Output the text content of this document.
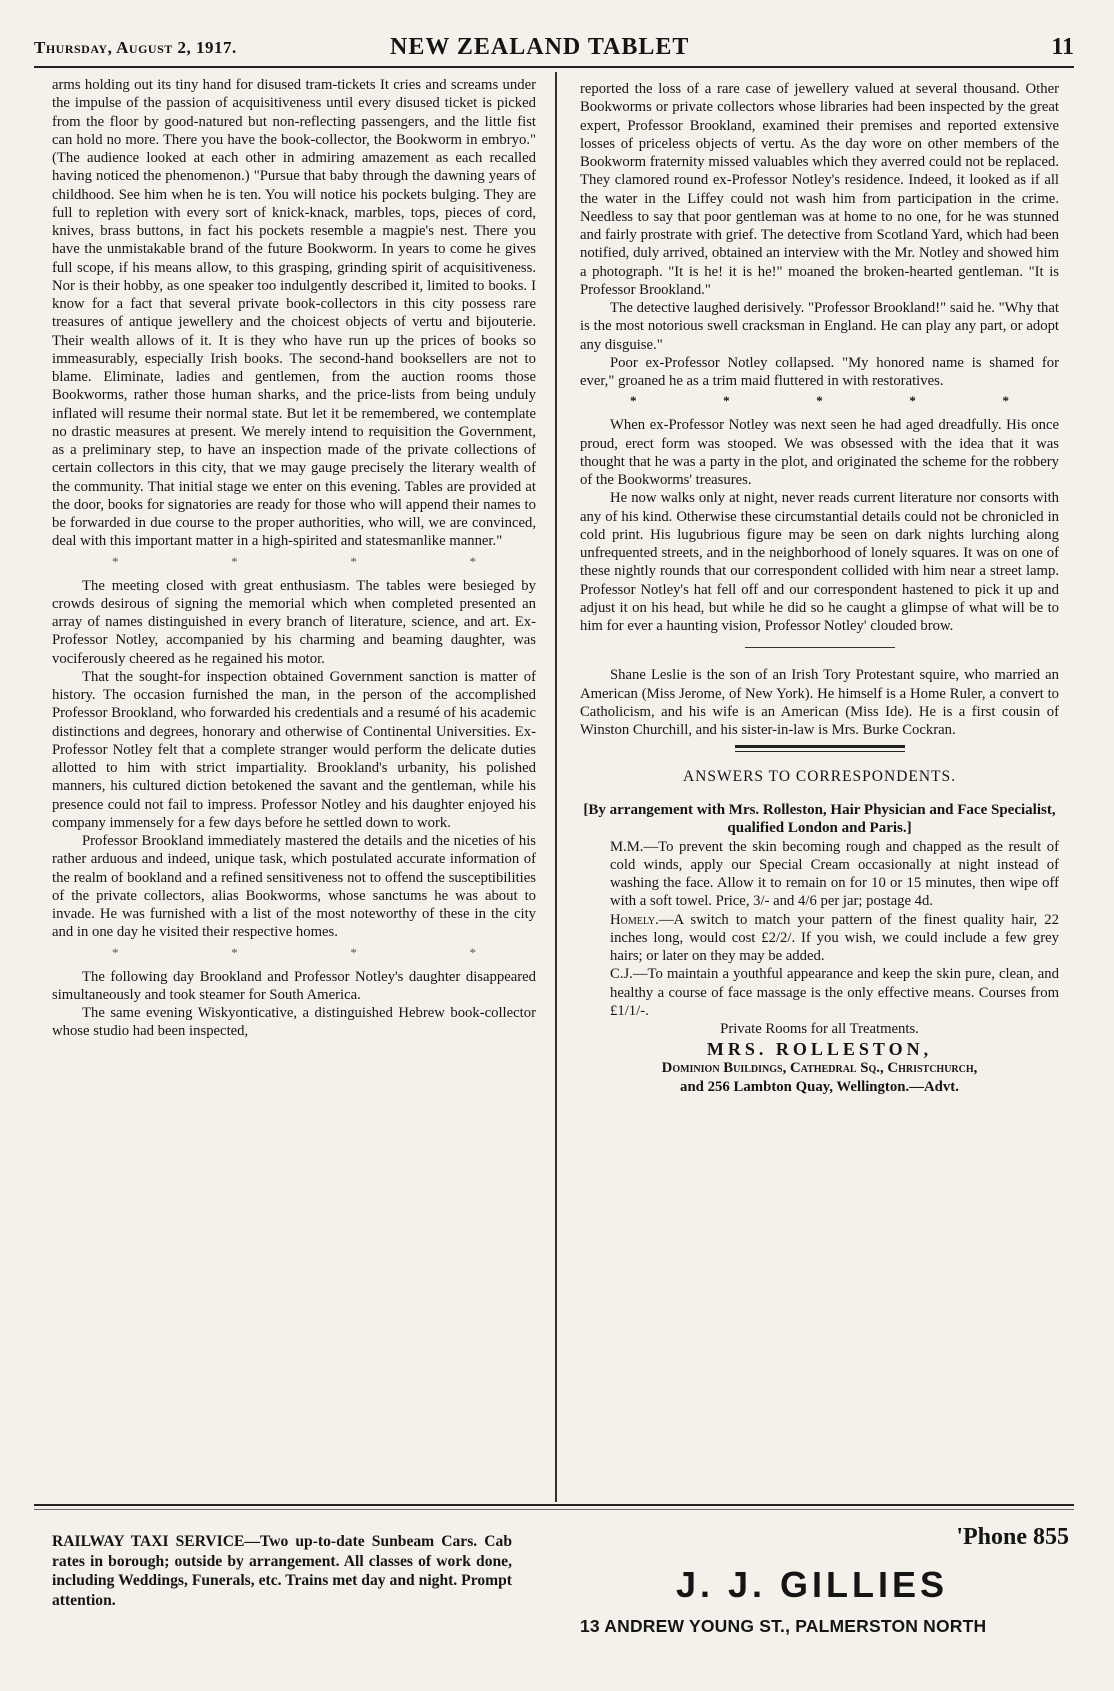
Thursday, August 2, 1917.	NEW ZEALAND TABLET	11

arms holding out its tiny hand for disused tram-tickets It cries and screams under the impulse of the passion of acquisitiveness until every disused ticket is picked from the floor by good-natured but non-reflecting passengers, and the little fist can hold no more. There you have the book-collector, the Bookworm in embryo." (The audience looked at each other in admiring amazement as each recalled having noticed the phenomenon.) "Pursue that baby through the dawning years of childhood. See him when he is ten. You will notice his pockets bulging. They are full to repletion with every sort of knick-knack, marbles, tops, pieces of cord, knives, brass buttons, in fact his pockets resemble a magpie's nest. There you have the unmistakable brand of the future Bookworm. In years to come he gives full scope, if his means allow, to this grasping, grinding spirit of acquisitiveness. Nor is their hobby, as one speaker too indulgently described it, limited to books. I know for a fact that several private book-collectors in this city possess rare treasures of antique jewellery and the choicest objects of vertu and bijouterie. Their wealth allows of it. It is they who have run up the prices of books so immeasurably, especially Irish books. The second-hand booksellers are not to blame. Eliminate, ladies and gentlemen, from the auction rooms those Bookworms, rather those human sharks, and the price-lists from being unduly inflated will resume their normal state. But let it be remembered, we contemplate no drastic measures at present. We merely intend to requisition the Government, as a preliminary step, to have an inspection made of the private collections of certain collectors in this city, that we may gauge precisely the literary wealth of the community. That initial stage we enter on this evening. Tables are provided at the door, books for signatories are ready for those who will append their names to be forwarded in due course to the proper authorities, who will, we are convinced, deal with this important matter in a high-spirited and statesmanlike manner."

*	*	*	*

The meeting closed with great enthusiasm. The tables were besieged by crowds desirous of signing the memorial which when completed presented an array of names distinguished in every branch of literature, science, and art. Ex-Professor Notley, accompanied by his charming and beaming daughter, was vociferously cheered as he regained his motor.

That the sought-for inspection obtained Government sanction is matter of history. The occasion furnished the man, in the person of the accomplished Professor Brookland, who forwarded his credentials and a resumé of his academic distinctions and degrees, honorary and otherwise of Continental Universities. Ex-Professor Notley felt that a complete stranger would perform the delicate duties allotted to him with strict impartiality. Brookland's urbanity, his polished manners, his cultured diction betokened the savant and the gentleman, while his presence could not fail to impress. Professor Notley and his daughter enjoyed his company immensely for a few days before he settled down to work.

Professor Brookland immediately mastered the details and the niceties of his rather arduous and indeed, unique task, which postulated accurate information of the realm of bookland and a refined sensitiveness not to offend the susceptibilities of the private collectors, alias Bookworms, whose sanctums he was about to invade. He was furnished with a list of the most noteworthy of these in the city and in one day he visited their respective homes.

*	*	*	*

The following day Brookland and Professor Notley's daughter disappeared simultaneously and took steamer for South America.

The same evening Wiskyonticative, a distinguished Hebrew book-collector whose studio had been inspected,

reported the loss of a rare case of jewellery valued at several thousand. Other Bookworms or private collectors whose libraries had been inspected by the great expert, Professor Brookland, examined their premises and reported extensive losses of priceless objects of vertu. As the day wore on other members of the Bookworm fraternity missed valuables which they averred could not be replaced. They clamored round ex-Professor Notley's residence. Indeed, it looked as if all the water in the Liffey could not wash him from participation in the crime. Needless to say that poor gentleman was at home to no one, for he was stunned and fairly prostrate with grief. The detective from Scotland Yard, which had been notified, duly arrived, obtained an interview with the Mr. Notley and showed him a photograph. "It is he! it is he!" moaned the broken-hearted gentleman. "It is Professor Brookland."

The detective laughed derisively. "Professor Brookland!" said he. "Why that is the most notorious swell cracksman in England. He can play any part, or adopt any disguise."

Poor ex-Professor Notley collapsed. "My honored name is shamed for ever," groaned he as a trim maid fluttered in with restoratives.

*	*	*	*	*

When ex-Professor Notley was next seen he had aged dreadfully. His once proud, erect form was stooped. We was obsessed with the idea that it was thought that he was a party in the plot, and originated the scheme for the robbery of the Bookworms' treasures.

He now walks only at night, never reads current literature nor consorts with any of his kind. Otherwise these circumstantial details could not be chronicled in cold print. His lugubrious figure may be seen on dark nights lurching along unfrequented streets, and in the neighborhood of lonely squares. It was on one of these nightly rounds that our correspondent collided with him near a street lamp. Professor Notley's hat fell off and our correspondent hastened to pick it up and adjust it on his head, but while he did so he caught a glimpse of what will be to him for ever a haunting vision, Professor Notley' clouded brow.

Shane Leslie is the son of an Irish Tory Protestant squire, who married an American (Miss Jerome, of New York). He himself is a Home Ruler, a convert to Catholicism, and his wife is an American (Miss Ide). He is a first cousin of Winston Churchill, and his sister-in-law is Mrs. Burke Cockran.

ANSWERS TO CORRESPONDENTS.
[By arrangement with Mrs. Rolleston, Hair Physician and Face Specialist, qualified London and Paris.]

M.M.—To prevent the skin becoming rough and chapped as the result of cold winds, apply our Special Cream occasionally at night instead of washing the face. Allow it to remain on for 10 or 15 minutes, then wipe off with a soft towel. Price, 3/- and 4/6 per jar; postage 4d.

Homely.—A switch to match your pattern of the finest quality hair, 22 inches long, would cost £2/2/. If you wish, we could include a few grey hairs; or later on they may be added.

C.J.—To maintain a youthful appearance and keep the skin pure, clean, and healthy a course of face massage is the only effective means. Courses from £1/1/-.

Private Rooms for all Treatments.
MRS. ROLLESTON,
Dominion Buildings, Cathedral Sq., Christchurch,
and 256 Lambton Quay, Wellington.—Advt.
RAILWAY TAXI SERVICE—Two up-to-date Sunbeam Cars. Cab rates in borough; outside by arrangement. All classes of work done, including Weddings, Funerals, etc. Trains met day and night. Prompt attention.
'Phone 855
J. J. GILLIES
13 ANDREW YOUNG ST., PALMERSTON NORTH
